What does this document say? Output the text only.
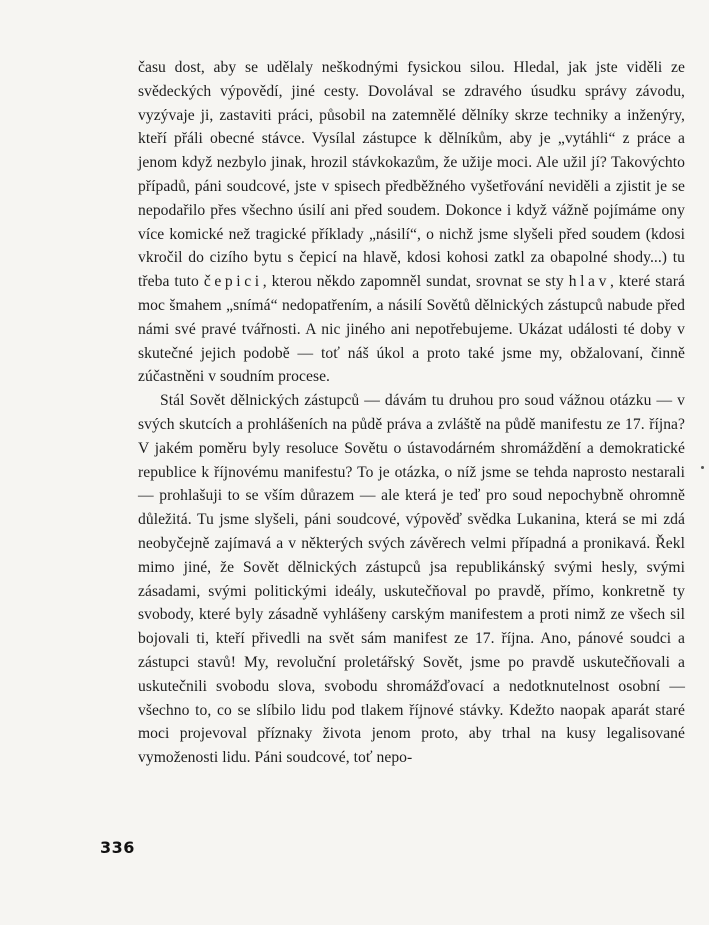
času dost, aby se udělaly neškodnými fysickou silou. Hledal, jak jste viděli ze svědeckých výpovědí, jiné cesty. Dovolával se zdravého úsudku správy závodu, vyzývaje ji, zastaviti práci, působil na zatemnělé dělníky skrze techniky a inženýry, kteří přáli obecné stávce. Vysílal zástupce k dělníkům, aby je „vytáhli“ z práce a jenom když nezbylo jinak, hrozil stávkokazům, že užije moci. Ale užil jí? Takovýchto případů, páni soudcové, jste v spisech předběžného vyšetřování neviděli a zjistit je se nepodařilo přes všechno úsilí ani před soudem. Dokonce i když vážně pojímáme ony více komické než tragické příklady „násilí“, o nichž jsme slyšeli před soudem (kdosi vkročil do cizího bytu s čepicí na hlavě, kdosi kohosi zatkl za obapolné shody...) tu třeba tuto čepici, kterou někdo zapomněl sundat, srovnat se sty hlav, které stará moc šmahem „snímá“ nedopatřením, a násilí Sovětů dělnických zástupců nabude před námi své pravé tvářnosti. A nic jiného ani nepotřebujeme. Ukázat události té doby v skutečné jejich podobě — toť náš úkol a proto také jsme my, obžalovaní, činně zúčastněni v soudním procese.

Stál Sovět dělnických zástupců — dávám tu druhou pro soud vážnou otázku — v svých skutcích a prohlášeních na půdě práva a zvláště na půdě manifestu ze 17. října? V jakém poměru byly resoluce Sovětu o ústavodárném shromáždění a demokratické republice k říjnovému manifestu? To je otázka, o níž jsme se tehda naprosto nestarali — prohlašuji to se vším důrazem — ale která je teď pro soud nepochybně ohromně důležitá. Tu jsme slyšeli, páni soudcové, výpověď svědka Lukanina, která se mi zdá neobyčejně zajímavá a v některých svých závěrech velmi případná a pronikavá. Řekl mimo jiné, že Sovět dělnických zástupců jsa republikánský svými hesly, svými zásadami, svými politickými ideály, uskutečňoval po pravdě, přímo, konkretně ty svobody, které byly zásadně vyhlášeny carským manifestem a proti nimž ze všech sil bojovali ti, kteří přivedli na svět sám manifest ze 17. října. Ano, pánové soudci a zástupci stavů! My, revoluční proletářský Sovět, jsme po pravdě uskutečňovali a uskutečnili svobodu slova, svobodu shromážďovací a nedotknutelnost osobní — všechno to, co se slíbilo lidu pod tlakem říjnové stávky. Kdežto naopak aparát staré moci projevoval příznaky života jenom proto, aby trhal na kusy legalisované vymoženosti lidu. Páni soudcové, toť nepo-

336
